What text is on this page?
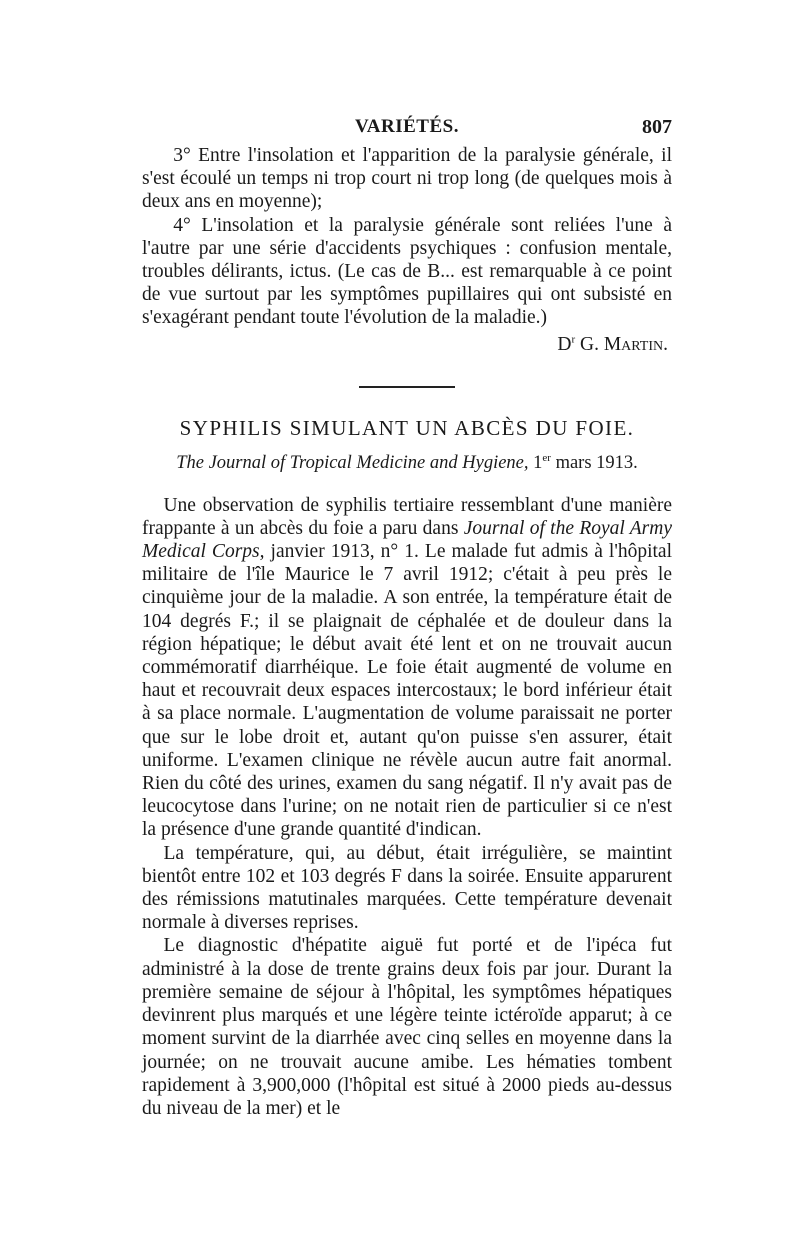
VARIÉTÉS.	807

3° Entre l'insolation et l'apparition de la paralysie générale, il s'est écoulé un temps ni trop court ni trop long (de quelques mois à deux ans en moyenne);

4° L'insolation et la paralysie générale sont reliées l'une à l'autre par une série d'accidents psychiques : confusion mentale, troubles délirants, ictus. (Le cas de B... est remarquable à ce point de vue surtout par les symptômes pupillaires qui ont subsisté en s'exagérant pendant toute l'évolution de la maladie.)

$D^r$ G. Martin.
SYPHILIS SIMULANT UN ABCÈS DU FOIE.
The Journal of Tropical Medicine and Hygiene, 1er mars 1913.

Une observation de syphilis tertiaire ressemblant d'une manière frappante à un abcès du foie a paru dans Journal of the Royal Army Medical Corps, janvier 1913, n° 1. Le malade fut admis à l'hôpital militaire de l'île Maurice le 7 avril 1912; c'était à peu près le cinquième jour de la maladie. A son entrée, la température était de 104 degrés F.; il se plaignait de céphalée et de douleur dans la région hépatique; le début avait été lent et on ne trouvait aucun commémoratif diarrhéique. Le foie était augmenté de volume en haut et recouvrait deux espaces intercostaux; le bord inférieur était à sa place normale. L'augmentation de volume paraissait ne porter que sur le lobe droit et, autant qu'on puisse s'en assurer, était uniforme. L'examen clinique ne révèle aucun autre fait anormal. Rien du côté des urines, examen du sang négatif. Il n'y avait pas de leucocytose dans l'urine; on ne notait rien de particulier si ce n'est la présence d'une grande quantité d'indican.

La température, qui, au début, était irrégulière, se maintint bientôt entre 102 et 103 degrés F dans la soirée. Ensuite apparurent des rémissions matutinales marquées. Cette température devenait normale à diverses reprises.

Le diagnostic d'hépatite aiguë fut porté et de l'ipéca fut administré à la dose de trente grains deux fois par jour. Durant la première semaine de séjour à l'hôpital, les symptômes hépatiques devinrent plus marqués et une légère teinte ictéroïde apparut; à ce moment survint de la diarrhée avec cinq selles en moyenne dans la journée; on ne trouvait aucune amibe. Les hématies tombent rapidement à 3,900,000 (l'hôpital est situé à 2000 pieds au-dessus du niveau de la mer) et le
